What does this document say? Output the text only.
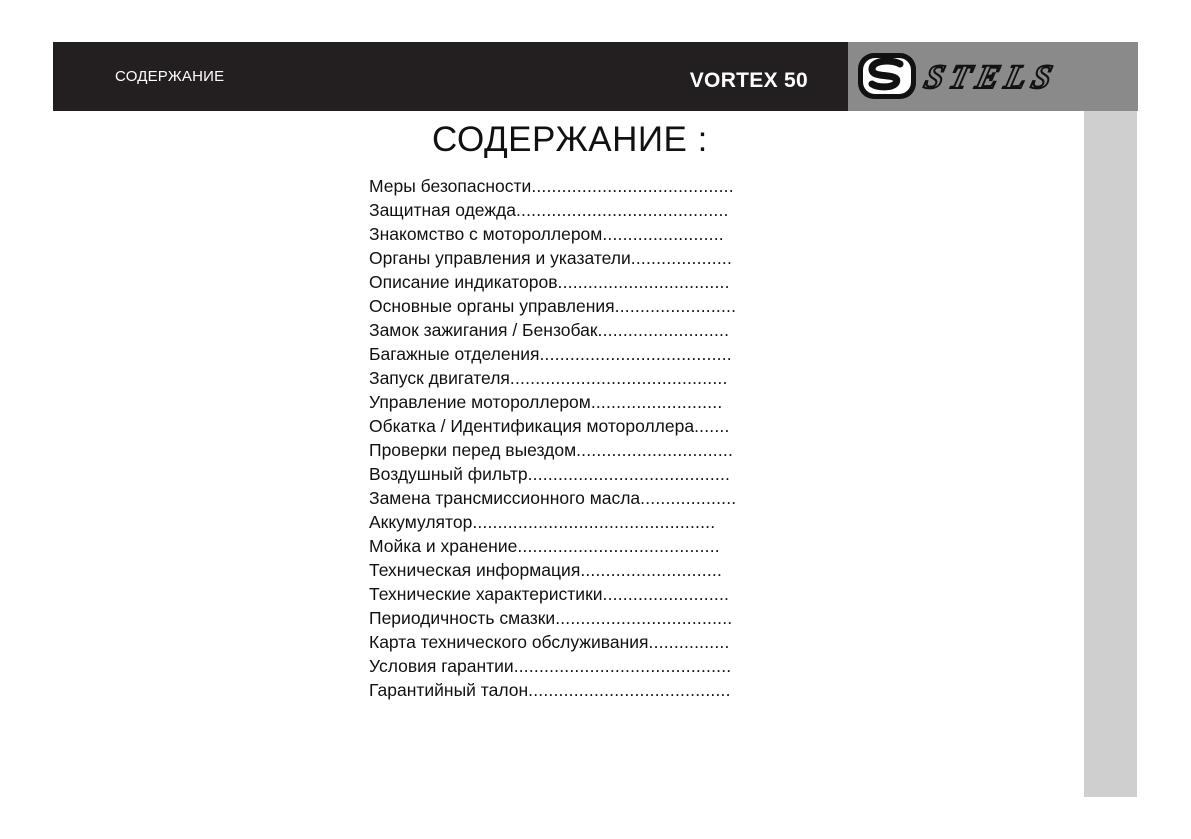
СОДЕРЖАНИЕ	VORTEX 50	STELS
СОДЕРЖАНИЕ :
Меры безопасности........................................
Защитная одежда..........................................
Знакомство с мотороллером........................
Органы управления и указатели....................
Описание индикаторов..................................
Основные органы управления........................
Замок зажигания / Бензобак..........................
Багажные отделения......................................
Запуск двигателя...........................................
Управление мотороллером..........................
Обкатка / Идентификация мотороллера.......
Проверки перед выездом...............................
Воздушный фильтр........................................
Замена трансмиссионного масла...................
Аккумулятор................................................
Мойка и хранение........................................
Техническая информация............................
Технические характеристики.........................
Периодичность смазки...................................
Карта технического обслуживания................
Условия гарантии...........................................
Гарантийный талон........................................
